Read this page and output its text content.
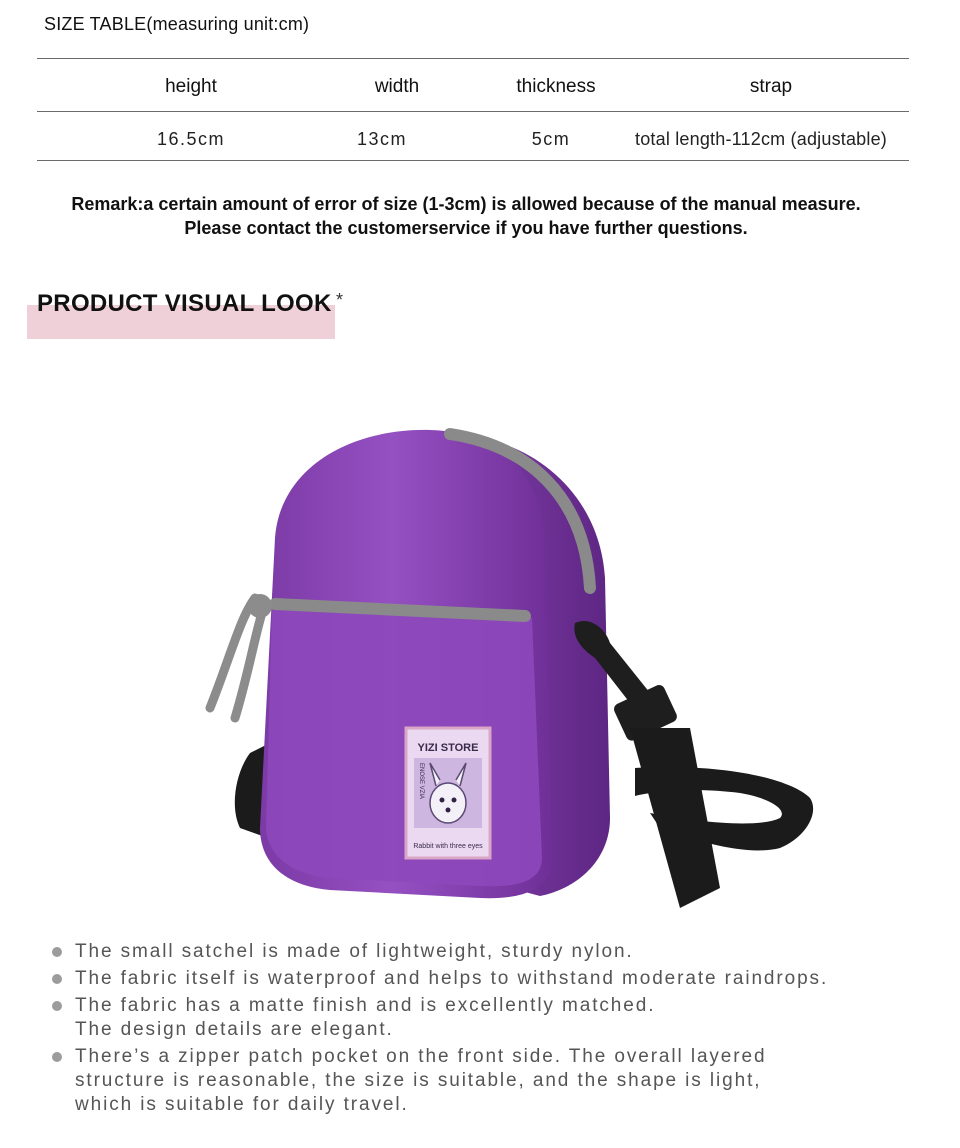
SIZE TABLE(measuring unit:cm)
height	width	thickness	strap
16.5cm	13cm	5cm	total length-112cm (adjustable)
Remark:a certain amount of error of size (1-3cm) is allowed because of the manual measure.
Please contact the customerservice if you have further questions.
PRODUCT VISUAL LOOK *
YIZI STORE
Rabbit with three eyes
ENOSE VZIA
The small satchel is made of lightweight, sturdy nylon.
The fabric itself is waterproof and helps to withstand moderate raindrops.
The fabric has a matte finish and is excellently matched.
The design details are elegant.
There’s a zipper patch pocket on the front side. The overall layered
structure is reasonable, the size is suitable, and the shape is light,
which is suitable for daily travel.
